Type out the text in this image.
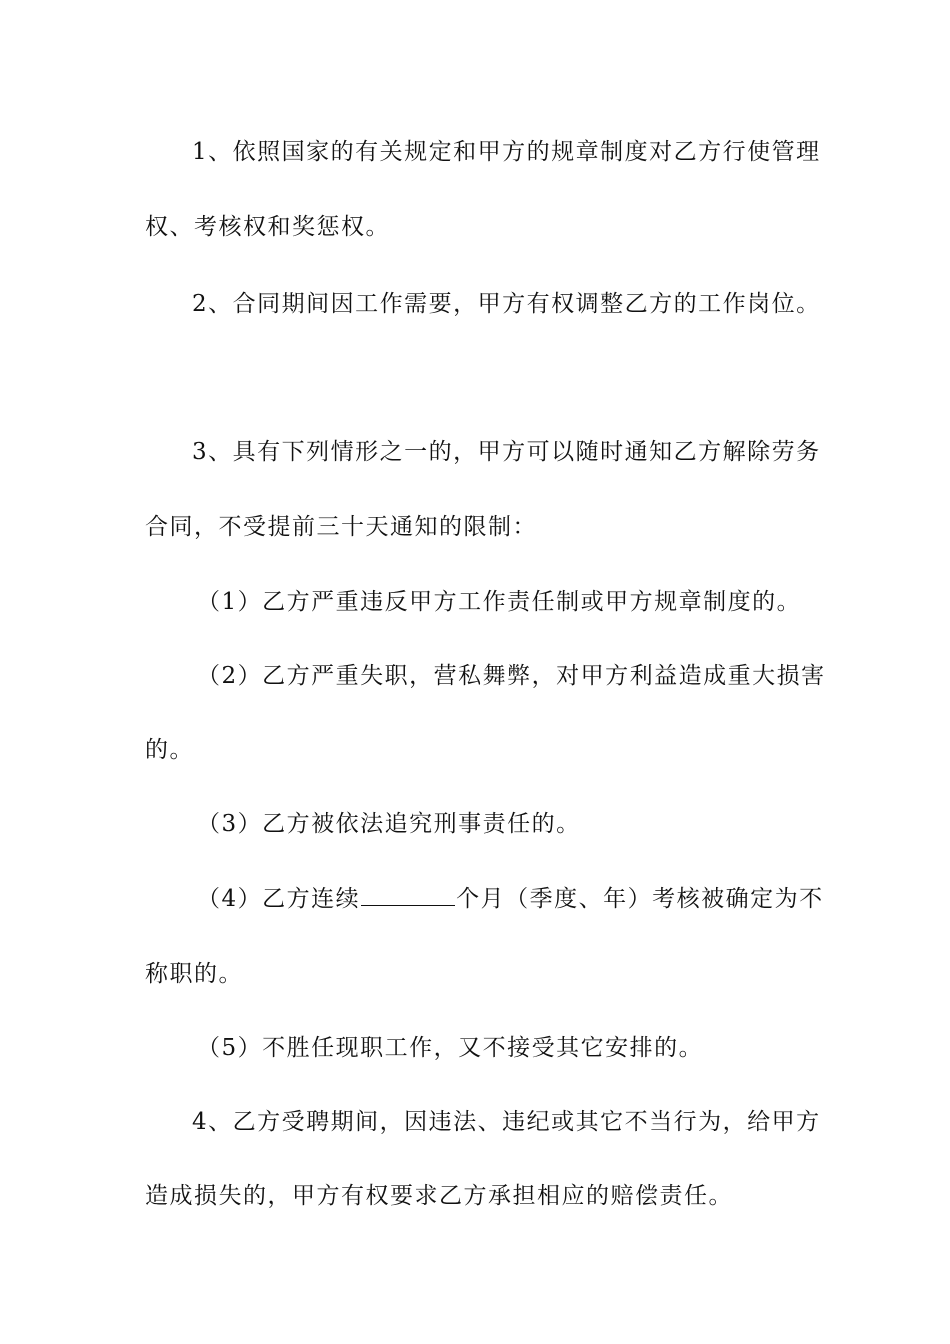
1、依照国家的有关规定和甲方的规章制度对乙方行使管理
权、考核权和奖惩权。
2、合同期间因工作需要，甲方有权调整乙方的工作岗位。
3、具有下列情形之一的，甲方可以随时通知乙方解除劳务
合同，不受提前三十天通知的限制：
（1）乙方严重违反甲方工作责任制或甲方规章制度的。
（2）乙方严重失职，营私舞弊，对甲方利益造成重大损害
的。
（3）乙方被依法追究刑事责任的。
（4）乙方连续	个月（季度、年）考核被确定为不
称职的。
（5）不胜任现职工作，又不接受其它安排的。
4、乙方受聘期间，因违法、违纪或其它不当行为，给甲方
造成损失的，甲方有权要求乙方承担相应的赔偿责任。
